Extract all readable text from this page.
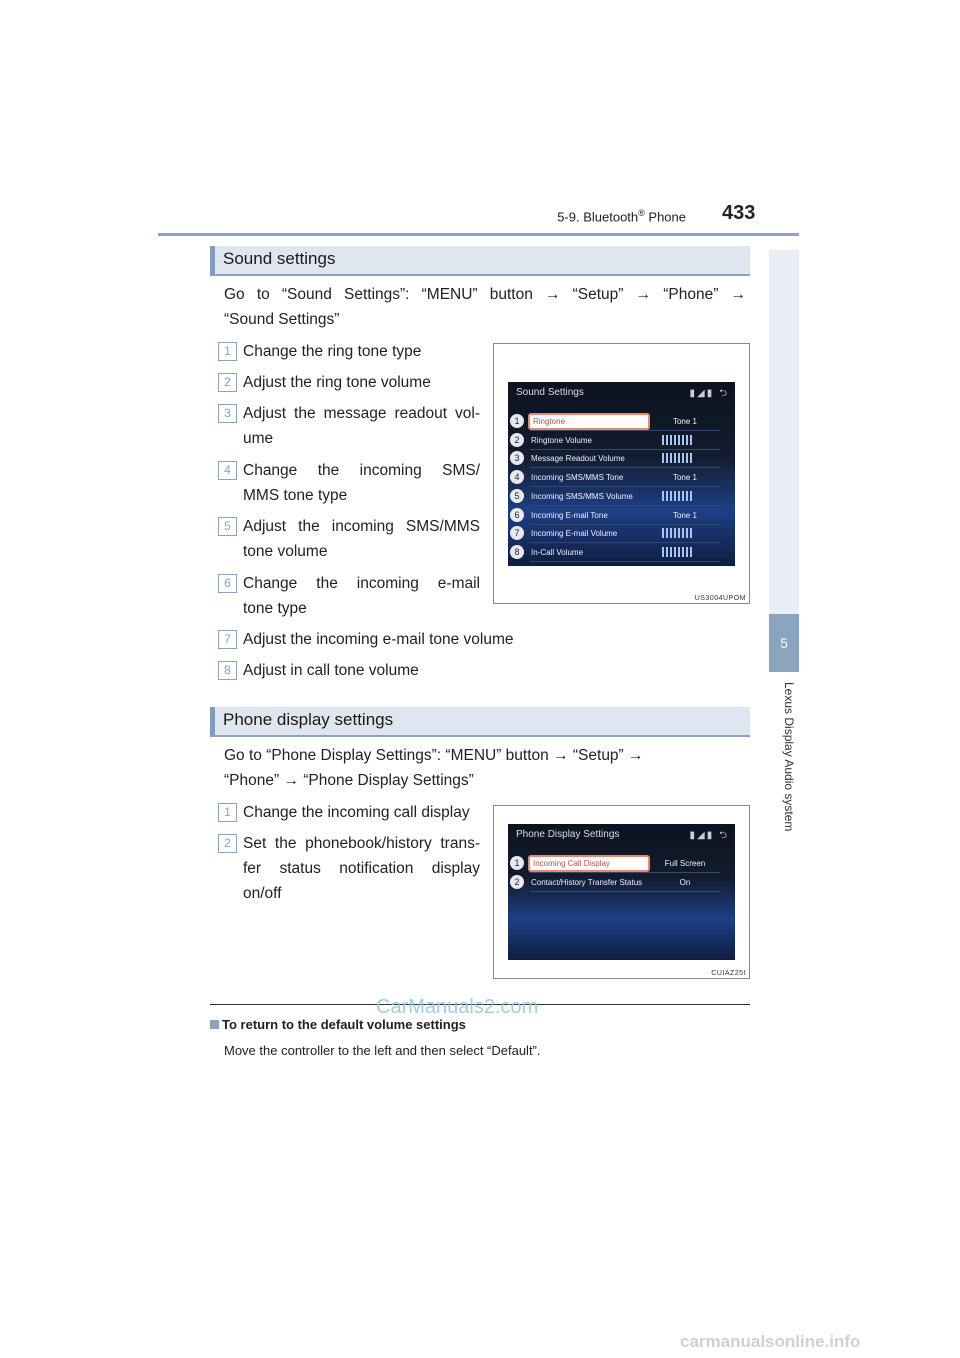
5-9. Bluetooth® Phone 433
5
Lexus Display Audio system
Sound settings
Go to “Sound Settings”: “MENU” button → “Setup” → “Phone” →
“Sound Settings”
1 Change the ring tone type
2 Adjust the ring tone volume
3 Adjust the message readout vol-
ume
4 Change the incoming SMS/
MMS tone type
5 Adjust the incoming SMS/MMS
tone volume
6 Change the incoming e-mail
tone type
7 Adjust the incoming e-mail tone volume
8 Adjust in call tone volume
Sound Settings	▮◢▮ ⮌
1	Ringtone	Tone 1
2	Ringtone Volume
3	Message Readout Volume
4	Incoming SMS/MMS Tone	Tone 1
5	Incoming SMS/MMS Volume
6	Incoming E-mail Tone	Tone 1
7	Incoming E-mail Volume
8	In-Call Volume
US3004UPOM
Phone display settings
Go to “Phone Display Settings”: “MENU” button → “Setup” →
“Phone” → “Phone Display Settings”
1 Change the incoming call display
2 Set the phonebook/history trans-
fer status notification display on/off
Phone Display Settings	▮◢▮ ⮌
1	Incoming Call Display	Full Screen
2	Contact/History Transfer Status	On
CUIAZ25I
To return to the default volume settings
Move the controller to the left and then select “Default”.
CarManuals2.com
carmanualsonline.info
